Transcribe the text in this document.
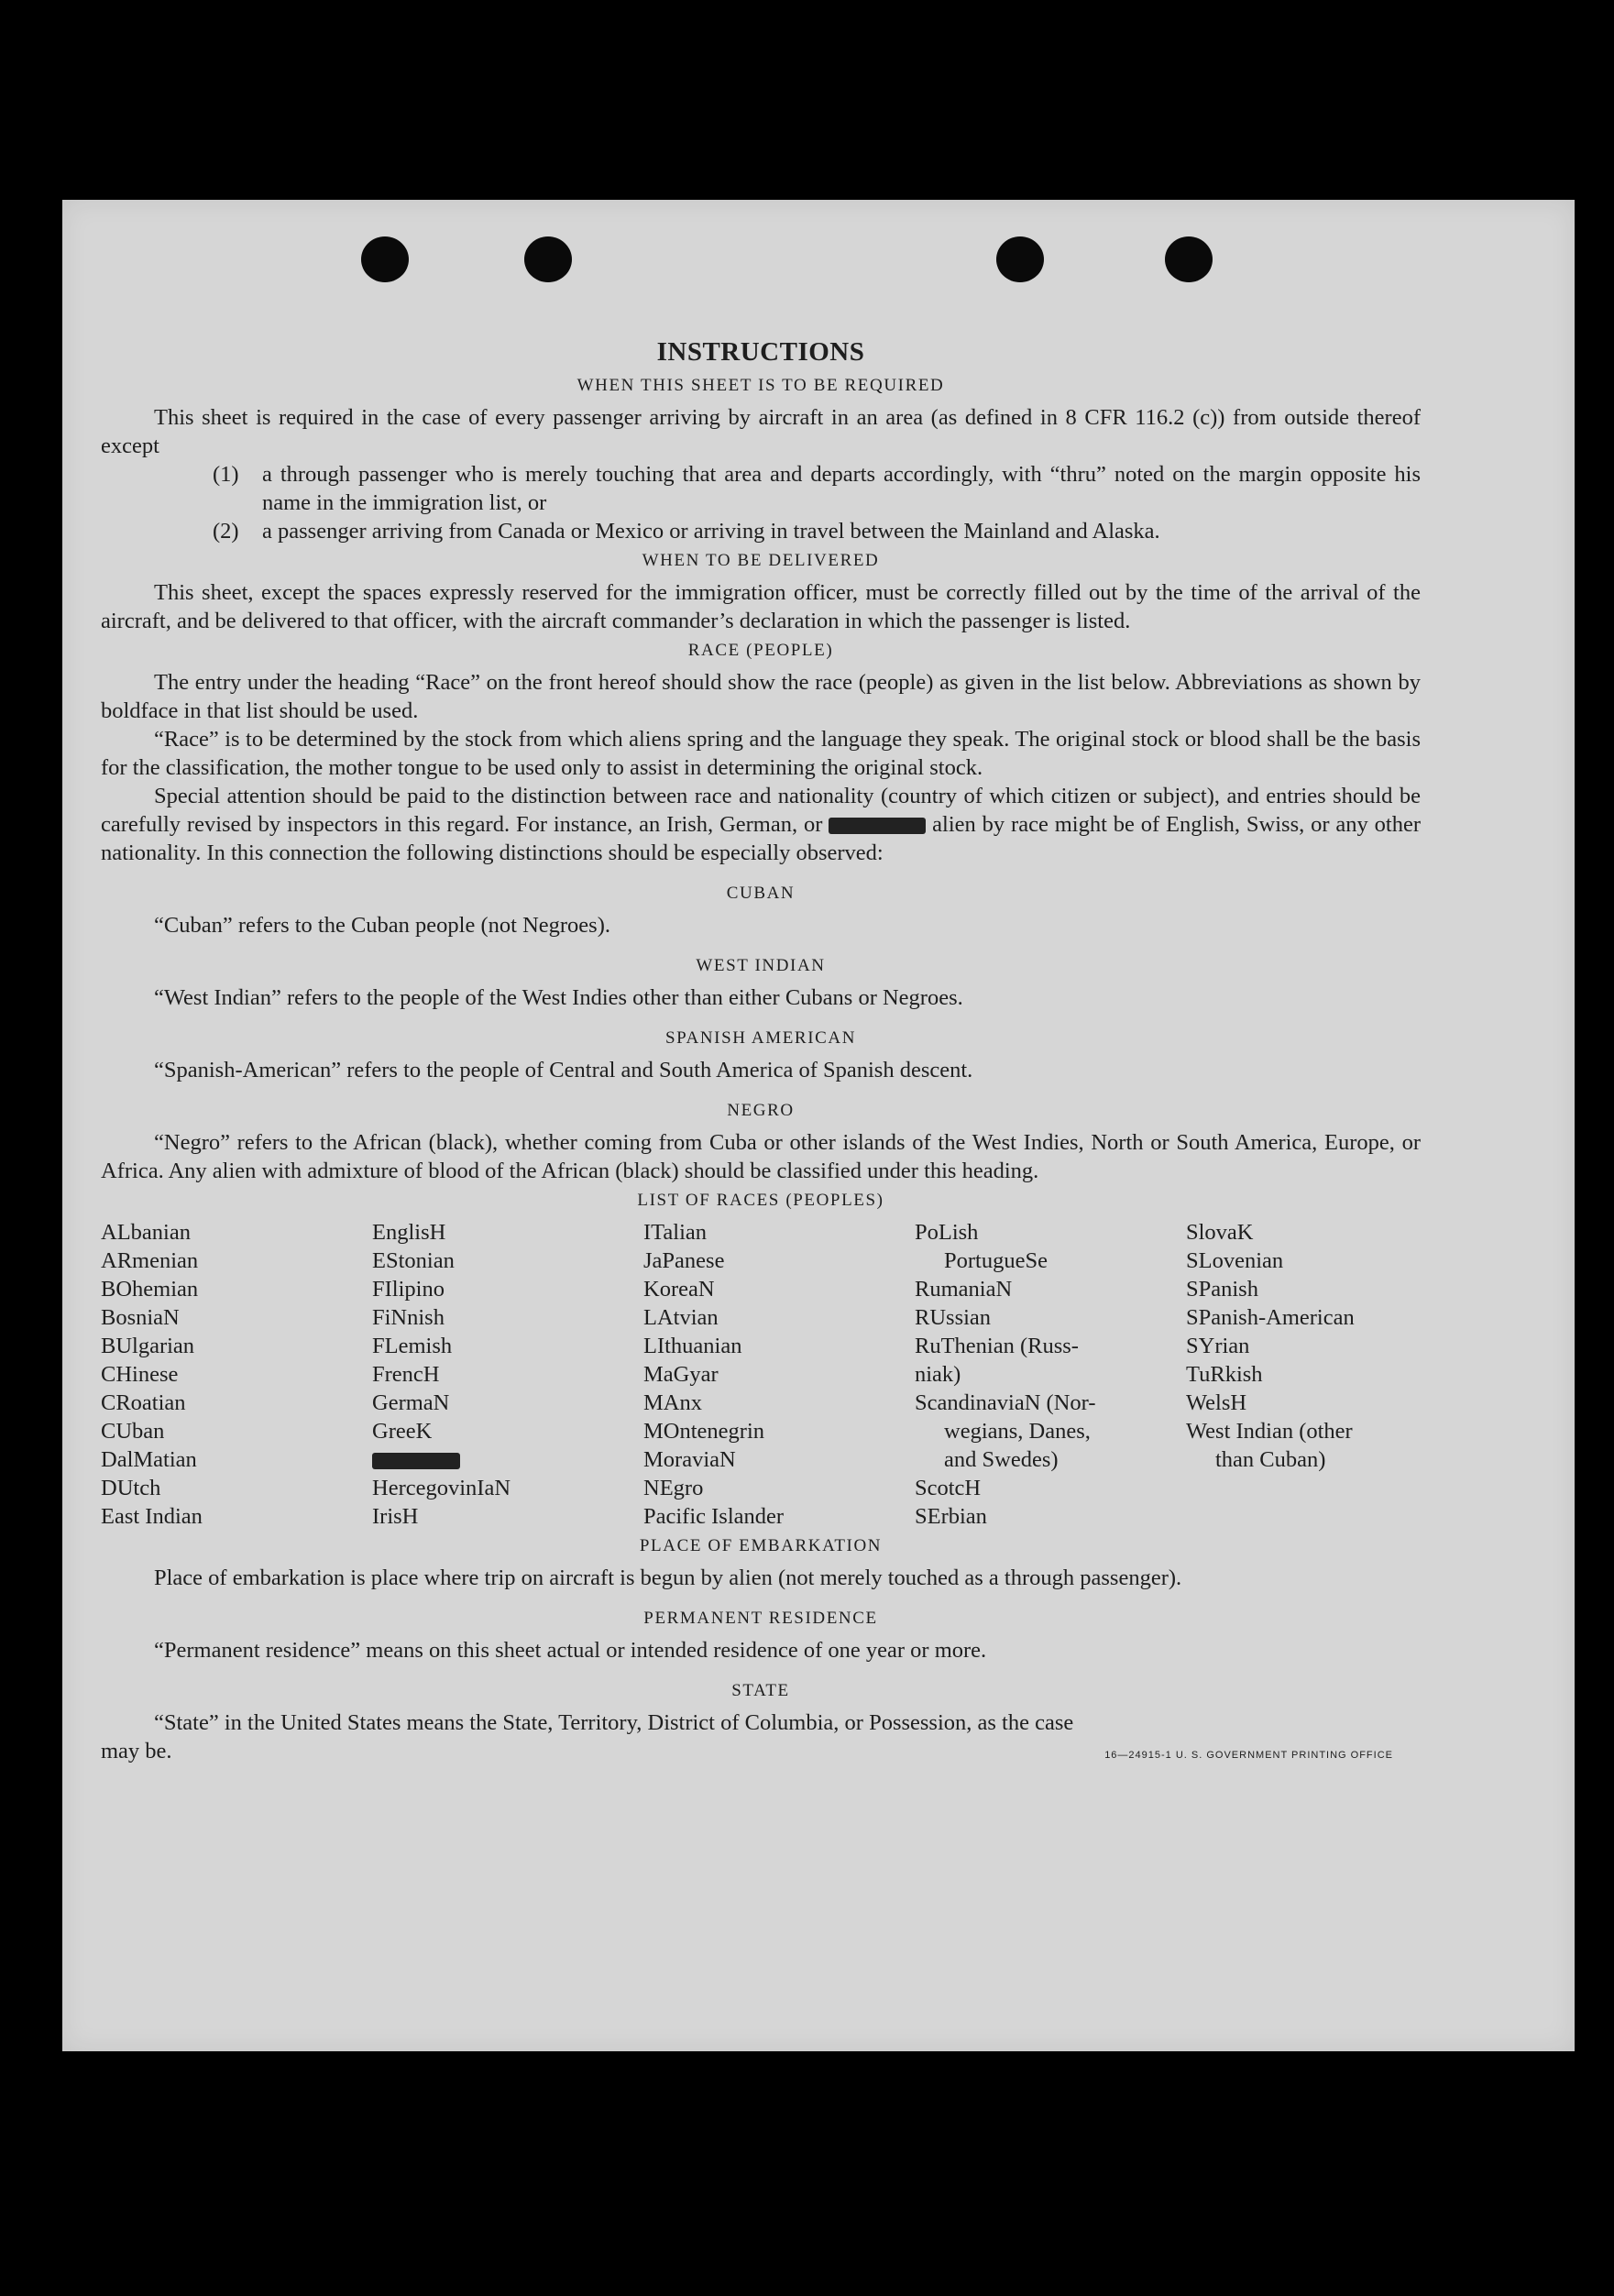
INSTRUCTIONS
WHEN THIS SHEET IS TO BE REQUIRED

This sheet is required in the case of every passenger arriving by aircraft in an area (as defined in 8 CFR 116.2 (c)) from outside thereof except

(1)	a through passenger who is merely touching that area and departs accordingly, with “thru” noted on the margin opposite his name in the immigration list, or
(2)	a passenger arriving from Canada or Mexico or arriving in travel between the Mainland and Alaska.
WHEN TO BE DELIVERED

This sheet, except the spaces expressly reserved for the immigration officer, must be correctly filled out by the time of the arrival of the aircraft, and be delivered to that officer, with the aircraft commander’s declaration in which the passenger is listed.

RACE (PEOPLE)

The entry under the heading “Race” on the front hereof should show the race (people) as given in the list below. Abbreviations as shown by boldface in that list should be used.

“Race” is to be determined by the stock from which aliens spring and the language they speak. The original stock or blood shall be the basis for the classification, the mother tongue to be used only to assist in determining the original stock.

Special attention should be paid to the distinction between race and nationality (country of which citizen or subject), and entries should be carefully revised by inspectors in this regard. For instance, an Irish, German, or	alien by race might be of English, Swiss, or any other nationality. In this connection the following distinctions should be especially observed:

CUBAN

“Cuban” refers to the Cuban people (not Negroes).

WEST INDIAN

“West Indian” refers to the people of the West Indies other than either Cubans or Negroes.

SPANISH AMERICAN

“Spanish-American” refers to the people of Central and South America of Spanish descent.

NEGRO

“Negro” refers to the African (black), whether coming from Cuba or other islands of the West Indies, North or South America, Europe, or Africa. Any alien with admixture of blood of the African (black) should be classified under this heading.

LIST OF RACES (PEOPLES)
ALbanian
ARmenian
BOhemian
BosniaN
BUlgarian
CHinese
CRoatian
CUban
DalMatian
DUtch
East Indian
EnglisH
EStonian
FIlipino
FiNnish
FLemish
FrencH
GermaN
GreeK
HercegovinIaN
IrisH
ITalian
JaPanese
KoreaN
LAtvian
LIthuanian
MaGyar
MAnx
MOntenegrin
MoraviaN
NEgro
Pacific Islander
PoLish
PortugueSe
RumaniaN
RUssian
RuThenian (Russ-
niak)
ScandinaviaN (Nor-
wegians, Danes,
and Swedes)
ScotcH
SErbian
SlovaK
SLovenian
SPanish
SPanish-American
SYrian
TuRkish
WelsH
West Indian (other
than Cuban)
PLACE OF EMBARKATION

Place of embarkation is place where trip on aircraft is begun by alien (not merely touched as a through passenger).

PERMANENT RESIDENCE

“Permanent residence” means on this sheet actual or intended residence of one year or more.

STATE

“State” in the United States means the State, Territory, District of Columbia, or Possession, as the case

may be.	16—24915-1 U. S. GOVERNMENT PRINTING OFFICE
